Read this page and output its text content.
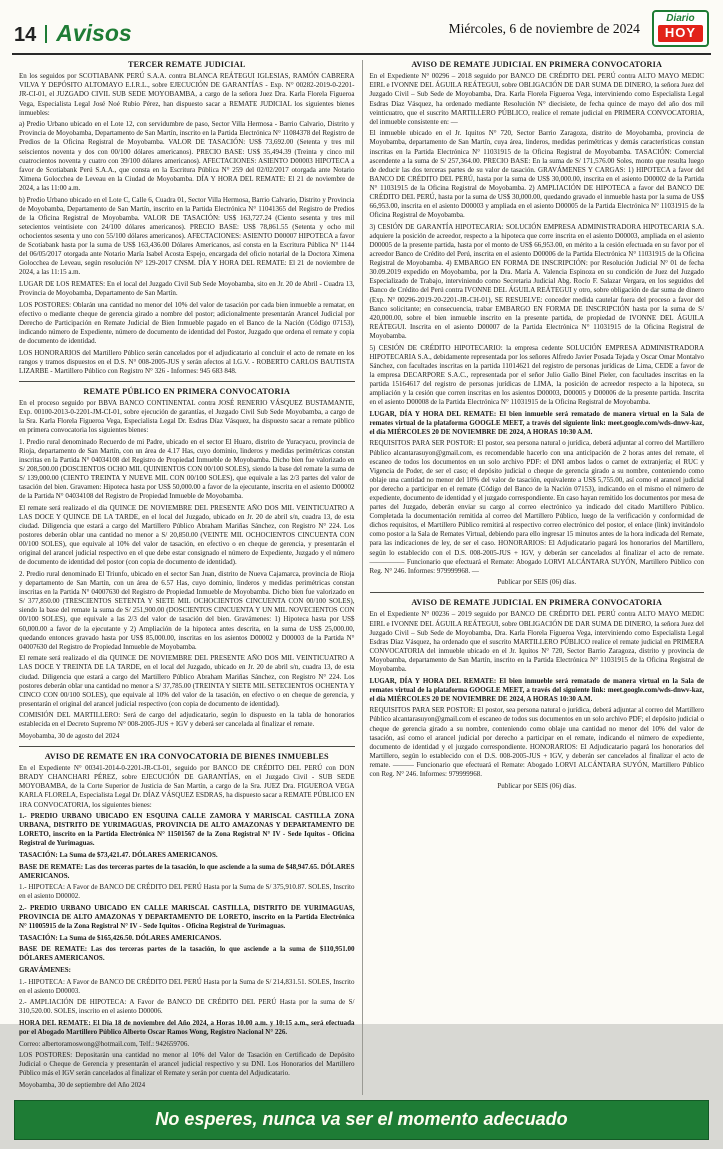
14 Avisos	Miércoles, 6 de noviembre de 2024
Diario
HOY
TERCER REMATE JUDICIAL

En los seguidos por SCOTIABANK PERÚ S.A.A. contra BLANCA REÁTEGUI IGLESIAS, RAMÓN CABRERA VILVA Y DEPÓSITO ALTOMAYO E.I.R.L., sobre EJECUCIÓN DE GARANTÍAS - Exp. N° 00282-2019-0-2201-JR-CI-01, el JUZGADO CIVIL SUB SEDE MOYOBAMBA, a cargo de la señora Juez Dra. Karla Florela Figueroa Vega, Especialista Legal José Noé Rubio Pérez, han dispuesto sacar a REMATE JUDICIAL los siguientes bienes inmuebles:

a) Predio Urbano ubicado en el Lote 12, con servidumbre de paso, Sector Villa Hermosa - Barrio Calvario, Distrito y Provincia de Moyobamba, Departamento de San Martín, inscrito en la Partida Electrónica N° 11084378 del Registro de Predios de la Oficina Registral de Moyobamba. VALOR DE TASACIÓN: US$ 73,692.00 (Setenta y tres mil seiscientos noventa y dos con 00/100 dólares americanos). PRECIO BASE: US$ 35,494.39 (Treinta y cinco mil cuatrocientos noventa y cuatro con 39/100 dólares americanos). AFECTACIONES: ASIENTO D00003 HIPOTECA a favor de Scotiabank Perú S.A.A., que consta en la Escritura Pública N° 259 del 02/02/2017 otorgada ante Notario Ximena Golocchea de Leveau en la Ciudad de Moyobamba. DÍA Y HORA DEL REMATE: El 21 de noviembre de 2024, a las 11:00 a.m.

b) Predio Urbano ubicado en el Lote C, Calle 6, Cuadra 01, Sector Villa Hermosa, Barrio Calvario, Distrito y Provincia de Moyobamba, Departamento de San Martín, inscrito en la Partida Electrónica N° 11041365 del Registro de Predios de la Oficina Registral de Moyobamba. VALOR DE TASACIÓN: US$ 163,727.24 (Ciento sesenta y tres mil setecientos veintisiete con 24/100 dólares americanos). PRECIO BASE: US$ 78,861.55 (Setenta y ocho mil ochocientos sesenta y uno con 55/100 dólares americanos). AFECTACIONES: ASIENTO D00007 HIPOTECA a favor de Scotiabank hasta por la suma de US$ 163,436.00 Dólares Americanos, así consta en la Escritura Pública N° 1144 del 06/05/2017 otorgada ante Notario María Isabel Acosta Espejo, encargada del oficio notarial de la Doctora Ximena Golocchea de Leveau, según resolución N° 129-2017 CNSM. DÍA Y HORA DEL REMATE: El 21 de noviembre de 2024, a las 11:15 a.m.

LUGAR DE LOS REMATES: En el local del Juzgado Civil Sub Sede Moyobamba, sito en Jr. 20 de Abril - Cuadra 13, Provincia de Moyobamba, Departamento de San Martín.

LOS POSTORES: Oblarán una cantidad no menor del 10% del valor de tasación por cada bien inmueble a rematar, en efectivo o mediante cheque de gerencia girado a nombre del postor; adicionalmente presentarán Arancel Judicial por Derecho de Participación en Remate Judicial de Bien Inmueble pagado en el Banco de la Nación (Código 07153), indicando número de Expediente, número de documento de identidad del Postor, Juzgado que ordena el remate y copia de documento de identidad.

LOS HONORARIOS del Martillero Público serán cancelados por el adjudicatario al concluir el acto de remate en los rangos y tramos dispuestos en el D.S. N° 008-2005-JUS y serán afectos al I.G.V. - ROBERTO CARLOS BAUTISTA LIZARBE - Martillero Público con Registro N° 326 - Informes: 945 683 848.

REMATE PÚBLICO EN PRIMERA CONVOCATORIA

En el proceso seguido por BBVA BANCO CONTINENTAL contra JOSÉ RENERIO VÁSQUEZ BUSTAMANTE, Exp. 00100-2013-0-2201-JM-CI-01, sobre ejecución de garantías, el Juzgado Civil Sub Sede Moyobamba, a cargo de la Sra. Karla Florela Figueroa Vega, Especialista Legal Dr. Esdras Díaz Vásquez, ha dispuesto sacar a remate público en primera convocatoria los siguientes bienes:

1. Predio rural denominado Recuerdo de mi Padre, ubicado en el sector El Huaro, distrito de Yuracyacu, provincia de Rioja, departamento de San Martín, con un área de 4.17 Has, cuyo dominio, linderos y medidas perimétricas constan inscritas en la Partida N° 04034108 del Registro de Propiedad Inmueble de Moyobamba. Dicho bien fue valorizado en S/ 208,500.00 (DOSCIENTOS OCHO MIL QUINIENTOS CON 00/100 SOLES), siendo la base del remate la suma de S/ 139,000.00 (CIENTO TREINTA Y NUEVE MIL CON 00/100 SOLES), que equivale a las 2/3 partes del valor de tasación del bien. Gravamen: Hipoteca hasta por US$ 50,000.00 a favor de la ejecutante, inscrita en el asiento D00002 de la Partida N° 04034108 del Registro de Propiedad Inmueble de Moyobamba.

El remate será realizado el día QUINCE DE NOVIEMBRE DEL PRESENTE AÑO DOS MIL VEINTICUATRO A LAS DOCE Y QUINCE DE LA TARDE, en el local del Juzgado, ubicado en Jr. 20 de abril s/n, cuadra 13, de esta ciudad. Diligencia que estará a cargo del Martillero Público Abraham Mariñas Sánchez, con Registro N° 224. Los postores deberán oblar una cantidad no menor a S/ 20,850.00 (VEINTE MIL OCHOCIENTOS CINCUENTA CON 00/100 SOLES), que equivale al 10% del valor de tasación, en efectivo o en cheque de gerencia, y presentarán el original del arancel judicial respectivo en el que debe estar consignado el número de Expediente, Juzgado y el número de documento de identidad del postor (con copia de documento de identidad).

2. Predio rural denominado El Triunfo, ubicado en el sector San Juan, distrito de Nueva Cajamarca, provincia de Rioja y departamento de San Martín, con un área de 6.57 Has, cuyo dominio, linderos y medidas perimétricas constan inscritas en la Partida N° 04007630 del Registro de Propiedad Inmueble de Moyobamba. Dicho bien fue valorizado en S/ 377,850.00 (TRESCIENTOS SETENTA Y SIETE MIL OCHOCIENTOS CINCUENTA CON 00/100 SOLES), siendo la base del remate la suma de S/ 251,900.00 (DOSCIENTOS CINCUENTA Y UN MIL NOVECIENTOS CON 00/100 SOLES), que equivale a las 2/3 del valor de tasación del bien. Gravámenes: 1) Hipoteca hasta por US$ 60,000.00 a favor de la ejecutante y 2) Ampliación de la hipoteca antes descrita, en la suma de US$ 25,000.00, quedando entonces gravado hasta por US$ 85,000.00, inscritas en los asientos D00002 y D00003 de la Partida N° 04007630 del Registro de Propiedad Inmueble de Moyobamba.

El remate será realizado el día QUINCE DE NOVIEMBRE DEL PRESENTE AÑO DOS MIL VEINTICUATRO A LAS DOCE Y TREINTA DE LA TARDE, en el local del Juzgado, ubicado en Jr. 20 de abril s/n, cuadra 13, de esta ciudad. Diligencia que estará a cargo del Martillero Público Abraham Mariñas Sánchez, con Registro N° 224. Los postores deberán oblar una cantidad no menor a S/ 37,785.00 (TREINTA Y SIETE MIL SETECIENTOS OCHENTA Y CINCO CON 00/100 SOLES), que equivale al 10% del valor de la tasación, en efectivo o en cheque de gerencia, y presentarán el original del arancel judicial respectivo (con copia de documento de identidad).

COMISIÓN DEL MARTILLERO: Será de cargo del adjudicatario, según lo dispuesto en la tabla de honorarios establecida en el Decreto Supremo N° 008-2005-JUS + IGV y deberá ser cancelada al finalizar el remate.

Moyobamba, 30 de agosto del 2024

AVISO DE REMATE EN 1RA CONVOCATORIA DE BIENES INMUEBLES

En el Expediente N° 00341-2014-0-2201-JR-CI-01, seguido por BANCO DE CRÉDITO DEL PERÚ con DON BRADY CHANCHARI PÉREZ, sobre EJECUCIÓN DE GARANTÍAS, en el Juzgado Civil - SUB SEDE MOYOBAMBA, de la Corte Superior de Justicia de San Martín, a cargo de la Sra. JUEZ Dra. FIGUEROA VEGA KARLA FLORELA, Especialista Legal Dr. DÍAZ VÁSQUEZ ESDRAS, ha dispuesto sacar a REMATE PÚBLICO EN 1RA CONVOCATORIA, los siguientes bienes:

1.- PREDIO URBANO UBICADO EN ESQUINA CALLE ZAMORA Y MARISCAL CASTILLA ZONA URBANA, DISTRITO DE YURIMAGUAS, PROVINCIA DE ALTO AMAZONAS Y DEPARTAMENTO DE LORETO, inscrito en la Partida Electrónica N° 11501567 de la Zona Registral N° IV - Sede Iquitos - Oficina Registral de Yurimaguas.

TASACIÓN: La Suma de $73,421.47. DÓLARES AMERICANOS.

BASE DE REMATE: Las dos terceras partes de la tasación, lo que asciende a la suma de $48,947.65. DÓLARES AMERICANOS.

1.- HIPOTECA: A Favor de BANCO DE CRÉDITO DEL PERÚ Hasta por la Suma de S/ 375,910.87. SOLES, Inscrito en el asiento D00002.

2.- PREDIO URBANO UBICADO EN CALLE MARISCAL CASTILLA, DISTRITO DE YURIMAGUAS, PROVINCIA DE ALTO AMAZONAS Y DEPARTAMENTO DE LORETO, inscrito en la Partida Electrónica N° 11005915 de la Zona Registral N° IV - Sede Iquitos - Oficina Registral de Yurimaguas.

TASACIÓN: La Suma de $165,426.50. DÓLARES AMERICANOS.

BASE DE REMATE: Las dos terceras partes de la tasación, lo que asciende a la suma de $110,951.00 DÓLARES AMERICANOS.

GRAVÁMENES:

1.- HIPOTECA: A Favor de BANCO DE CRÉDITO DEL PERÚ Hasta por la Suma de S/ 214,831.51. SOLES, Inscrito en el asiento D00003.

2.- AMPLIACIÓN DE HIPOTECA: A Favor de BANCO DE CRÉDITO DEL PERÚ Hasta por la suma de S/ 310,520.00. SOLES, inscrito en el asiento D00006.

HORA DEL REMATE: El Día 18 de noviembre del Año 2024, a Horas 10.00 a.m. y 10:15 a.m., será efectuada por el Abogado Martillero Público Alberto Oscar Ramos Wong, Registro Nacional N° 226.

Correo: albertoramoswong@hotmail.com, Telf.: 942659706.

LOS POSTORES: Depositarán una cantidad no menor al 10% del Valor de Tasación en Certificado de Depósito Judicial o Cheque de Gerencia y presentarán el arancel judicial respectivo y su DNI. Los Honorarios del Martillero Público más el IGV serán cancelados al finalizar el Remate y serán por cuenta del Adjudicatario.

Moyobamba, 30 de septiembre del Año 2024

AVISO DE REMATE JUDICIAL EN PRIMERA CONVOCATORIA

En el Expediente N° 00296 – 2018 seguido por BANCO DE CRÉDITO DEL PERÚ contra ALTO MAYO MEDIC EIRL e IVONNE DEL ÁGUILA REÁTEGUI, sobre OBLIGACIÓN DE DAR SUMA DE DINERO, la señora Juez del Juzgado Civil – Sub Sede de Moyobamba, Dra. Karla Florela Figueroa Vega, interviniendo como Especialista Legal Esdras Díaz Vásquez, ha ordenado mediante Resolución N° diecisiete, de fecha quince de mayo del año dos mil veinticuatro, que el suscrito MARTILLERO PÚBLICO, realice el remate judicial en PRIMERA CONVOCATORIA, del inmueble consistente en: —

El inmueble ubicado en el Jr. Iquitos N° 720, Sector Barrio Zaragoza, distrito de Moyobamba, provincia de Moyobamba, departamento de San Martín, cuya área, linderos, medidas perimétricas y demás características constan inscritas en la Partida Electrónica N° 11031915 de la Oficina Registral de Moyobamba. TASACIÓN: Comercial ascendente a la suma de S/ 257,364.00. PRECIO BASE: En la suma de S/ 171,576.00 Soles, monto que resulta luego de deducir las dos terceras partes de su valor de tasación. GRAVÁMENES Y CARGAS: 1) HIPOTECA a favor del BANCO DE CRÉDITO DEL PERÚ, hasta por la suma de US$ 30,000.00, inscrita en el asiento D00002 de la Partida N° 11031915 de la Oficina Registral de Moyobamba. 2) AMPLIACIÓN DE HIPOTECA a favor del BANCO DE CRÉDITO DEL PERÚ, hasta por la suma de US$ 30,000.00, quedando gravado el inmueble hasta por la suma de US$ 66,953.00, inscrita en el asiento D00003 y ampliada en el asiento D00005 de la Partida Electrónica N° 11031915 de la Oficina Registral de Moyobamba.

3) CESIÓN DE GARANTÍA HIPOTECARIA: SOLUCIÓN EMPRESA ADMINISTRADORA HIPOTECARIA S.A. adquiere la posición de acreedor, respecto a la hipoteca que corre inscrita en el asiento D00003, ampliada en el asiento D00005 de la presente partida, hasta por el monto de US$ 66,953.00, en mérito a la cesión efectuada en su favor por el acreedor Banco de Crédito del Perú, inscrita en el asiento D00006 de la Partida Electrónica N° 11031915 de la Oficina Registral de Moyobamba. 4) EMBARGO EN FORMA DE INSCRIPCIÓN: por Resolución Judicial N° 01 de fecha 30.09.2019 expedido en Moyobamba, por la Dra. María A. Valencia Espinoza en su condición de Juez del Juzgado Especializado de Trabajo, interviniendo como Secretaria Judicial Abg. Rocío F. Salazar Vergara, en los seguidos del Banco de Crédito del Perú contra IVONNE DEL ÁGUILA REÁTEGUI y otro, sobre obligación de dar suma de dinero (Exp. N° 00296-2019-20-2201-JR-CH-01), SE RESUELVE: conceder medida cautelar fuera del proceso a favor del Banco solicitante; en consecuencia, trabar EMBARGO EN FORMA DE INSCRIPCIÓN hasta por la suma de S/ 420,000.00, sobre el bien inmueble inscrito en la presente partida, de propiedad de IVONNE DEL ÁGUILA REÁTEGUI. Inscrita en el asiento D00007 de la Partida Electrónica N° 11031915 de la Oficina Registral de Moyobamba.

5) CESIÓN DE CRÉDITO HIPOTECARIO: la empresa cedente SOLUCIÓN EMPRESA ADMINISTRADORA HIPOTECARIA S.A., debidamente representada por los señores Alfredo Javier Posada Tejada y Oscar Omar Montalvo Sánchez, con facultades inscritas en la partida 11014621 del registro de personas jurídicas de Lima, CEDE a favor de la empresa DECARPORE S.A.C., representada por el señor Julio Gallo Binel Pieler, con facultades inscritas en la partida 15164617 del registro de personas jurídicas de LIMA, la posición de acreedor respecto a la hipoteca, su ampliación y la cesión que corren inscritas en los asientos D00003, D00005 y D00006 de la presente partida. Inscrita en el asiento D00008 de la Partida Electrónica N° 11031915 de la Oficina Registral de Moyobamba.

LUGAR, DÍA Y HORA DEL REMATE: El bien inmueble será rematado de manera virtual en la Sala de remates virtual de la plataforma GOOGLE MEET, a través del siguiente link: meet.google.com/wds-dnwv-kaz, el día MIÉRCOLES 20 DE NOVIEMBRE DE 2024, A HORAS 10:30 A.M.

REQUISITOS PARA SER POSTOR: El postor, sea persona natural o jurídica, deberá adjuntar al correo del Martillero Público alcantarasuyon@gmail.com, es recomendable hacerlo con una anticipación de 2 horas antes del remate, el escaneo de todos los documentos en un solo archivo PDF: el DNI ambos lados o carnet de extranjería; el RUC y Vigencia de Poder, de ser el caso; el depósito judicial o cheque de gerencia girado a su nombre, conteniendo como oblaje una cantidad no menor del 10% del valor de tasación, equivalente a US$ 5,755.00, así como el arancel judicial por derecho a participar en el remate (Código del Banco de la Nación 07153), indicando en el mismo el número de expediente, documento de identidad y el juzgado correspondiente. En caso hayan remitido los documentos por mesa de partes del Juzgado, deberán enviar su cargo al correo electrónico ya indicado del citado Martillero Público. Completada la documentación remitida al correo del Martillero Público, luego de la verificación y conformidad de dichos requisitos, el Martillero Público remitirá al respectivo correo electrónico del postor, el enlace (link) invitándolo como postor a la Sala de Remates Virtual, debiendo para ello ingresar 15 minutos antes de la hora indicada del Remate, para las indicaciones de ley, de ser el caso. HONORARIOS: El Adjudicatario pagará los honorarios del Martillero, según lo establecido con el D.S. 008-2005-JUS + IGV, y deberán ser cancelados al finalizar el acto de remate. ————— Funcionario que efectuará el Remate: Abogado LORVI ALCÁNTARA SUYÓN, Martillero Público con Reg. N° 246. Informes: 979999968. —

Publicar por SEIS (06) días.

AVISO DE REMATE JUDICIAL EN PRIMERA CONVOCATORIA

En el Expediente N° 00236 – 2019 seguido por BANCO DE CRÉDITO DEL PERÚ contra ALTO MAYO MEDIC EIRL e IVONNE DEL ÁGUILA REÁTEGUI, sobre OBLIGACIÓN DE DAR SUMA DE DINERO, la señora Juez del Juzgado Civil – Sub Sede de Moyobamba, Dra. Karla Florela Figueroa Vega, interviniendo como Especialista Legal Esdras Díaz Vásquez, ha ordenado que el suscrito MARTILLERO PÚBLICO realice el remate judicial en PRIMERA CONVOCATORIA del inmueble ubicado en el Jr. Iquitos N° 720, Sector Barrio Zaragoza, distrito y provincia de Moyobamba, departamento de San Martín, inscrito en la Partida Electrónica N° 11031915 de la Oficina Registral de Moyobamba.

LUGAR, DÍA Y HORA DEL REMATE: El bien inmueble será rematado de manera virtual en la Sala de remates virtual de la plataforma GOOGLE MEET, a través del siguiente link: meet.google.com/wds-dnwv-kaz, el día MIÉRCOLES 20 DE NOVIEMBRE DE 2024, A HORAS 10:30 A.M.

REQUISITOS PARA SER POSTOR: El postor, sea persona natural o jurídica, deberá adjuntar al correo del Martillero Público alcantarasuyon@gmail.com el escaneo de todos sus documentos en un solo archivo PDF; el depósito judicial o cheque de gerencia girado a su nombre, conteniendo como oblaje una cantidad no menor del 10% del valor de tasación, así como el arancel judicial por derecho a participar en el remate, indicando el número de expediente, documento de identidad y el juzgado correspondiente. HONORARIOS: El Adjudicatario pagará los honorarios del Martillero, según lo establecido con el D.S. 008-2005-JUS + IGV, y deberán ser cancelados al finalizar el acto de remate. ——— Funcionario que efectuará el Remate: Abogado LORVI ALCÁNTARA SUYÓN, Martillero Público con Reg. N° 246. Informes: 979999968.

Publicar por SEIS (06) días.

No esperes, nunca va ser el momento adecuado
